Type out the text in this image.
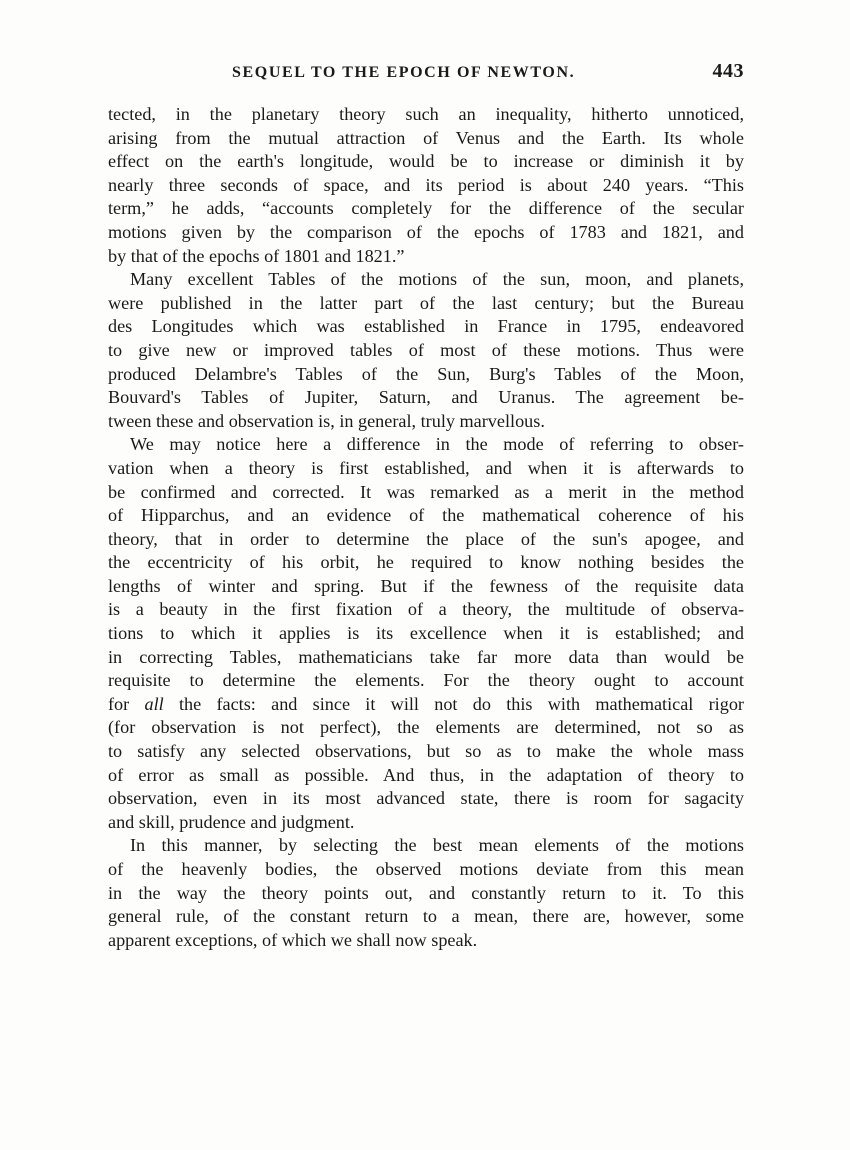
SEQUEL TO THE EPOCH OF NEWTON.	443
tected, in the planetary theory such an inequality, hitherto unnoticed,
arising from the mutual attraction of Venus and the Earth. Its whole
effect on the earth's longitude, would be to increase or diminish it by
nearly three seconds of space, and its period is about 240 years. “This
term,” he adds, “accounts completely for the difference of the secular
motions given by the comparison of the epochs of 1783 and 1821, and
by that of the epochs of 1801 and 1821.”
Many excellent Tables of the motions of the sun, moon, and planets,
were published in the latter part of the last century; but the Bureau
des Longitudes which was established in France in 1795, endeavored
to give new or improved tables of most of these motions. Thus were
produced Delambre's Tables of the Sun, Burg's Tables of the Moon,
Bouvard's Tables of Jupiter, Saturn, and Uranus. The agreement be-
tween these and observation is, in general, truly marvellous.
We may notice here a difference in the mode of referring to obser-
vation when a theory is first established, and when it is afterwards to
be confirmed and corrected. It was remarked as a merit in the method
of Hipparchus, and an evidence of the mathematical coherence of his
theory, that in order to determine the place of the sun's apogee, and
the eccentricity of his orbit, he required to know nothing besides the
lengths of winter and spring. But if the fewness of the requisite data
is a beauty in the first fixation of a theory, the multitude of observa-
tions to which it applies is its excellence when it is established; and
in correcting Tables, mathematicians take far more data than would be
requisite to determine the elements. For the theory ought to account
for all the facts: and since it will not do this with mathematical rigor
(for observation is not perfect), the elements are determined, not so as
to satisfy any selected observations, but so as to make the whole mass
of error as small as possible. And thus, in the adaptation of theory to
observation, even in its most advanced state, there is room for sagacity
and skill, prudence and judgment.
In this manner, by selecting the best mean elements of the motions
of the heavenly bodies, the observed motions deviate from this mean
in the way the theory points out, and constantly return to it. To this
general rule, of the constant return to a mean, there are, however, some
apparent exceptions, of which we shall now speak.
